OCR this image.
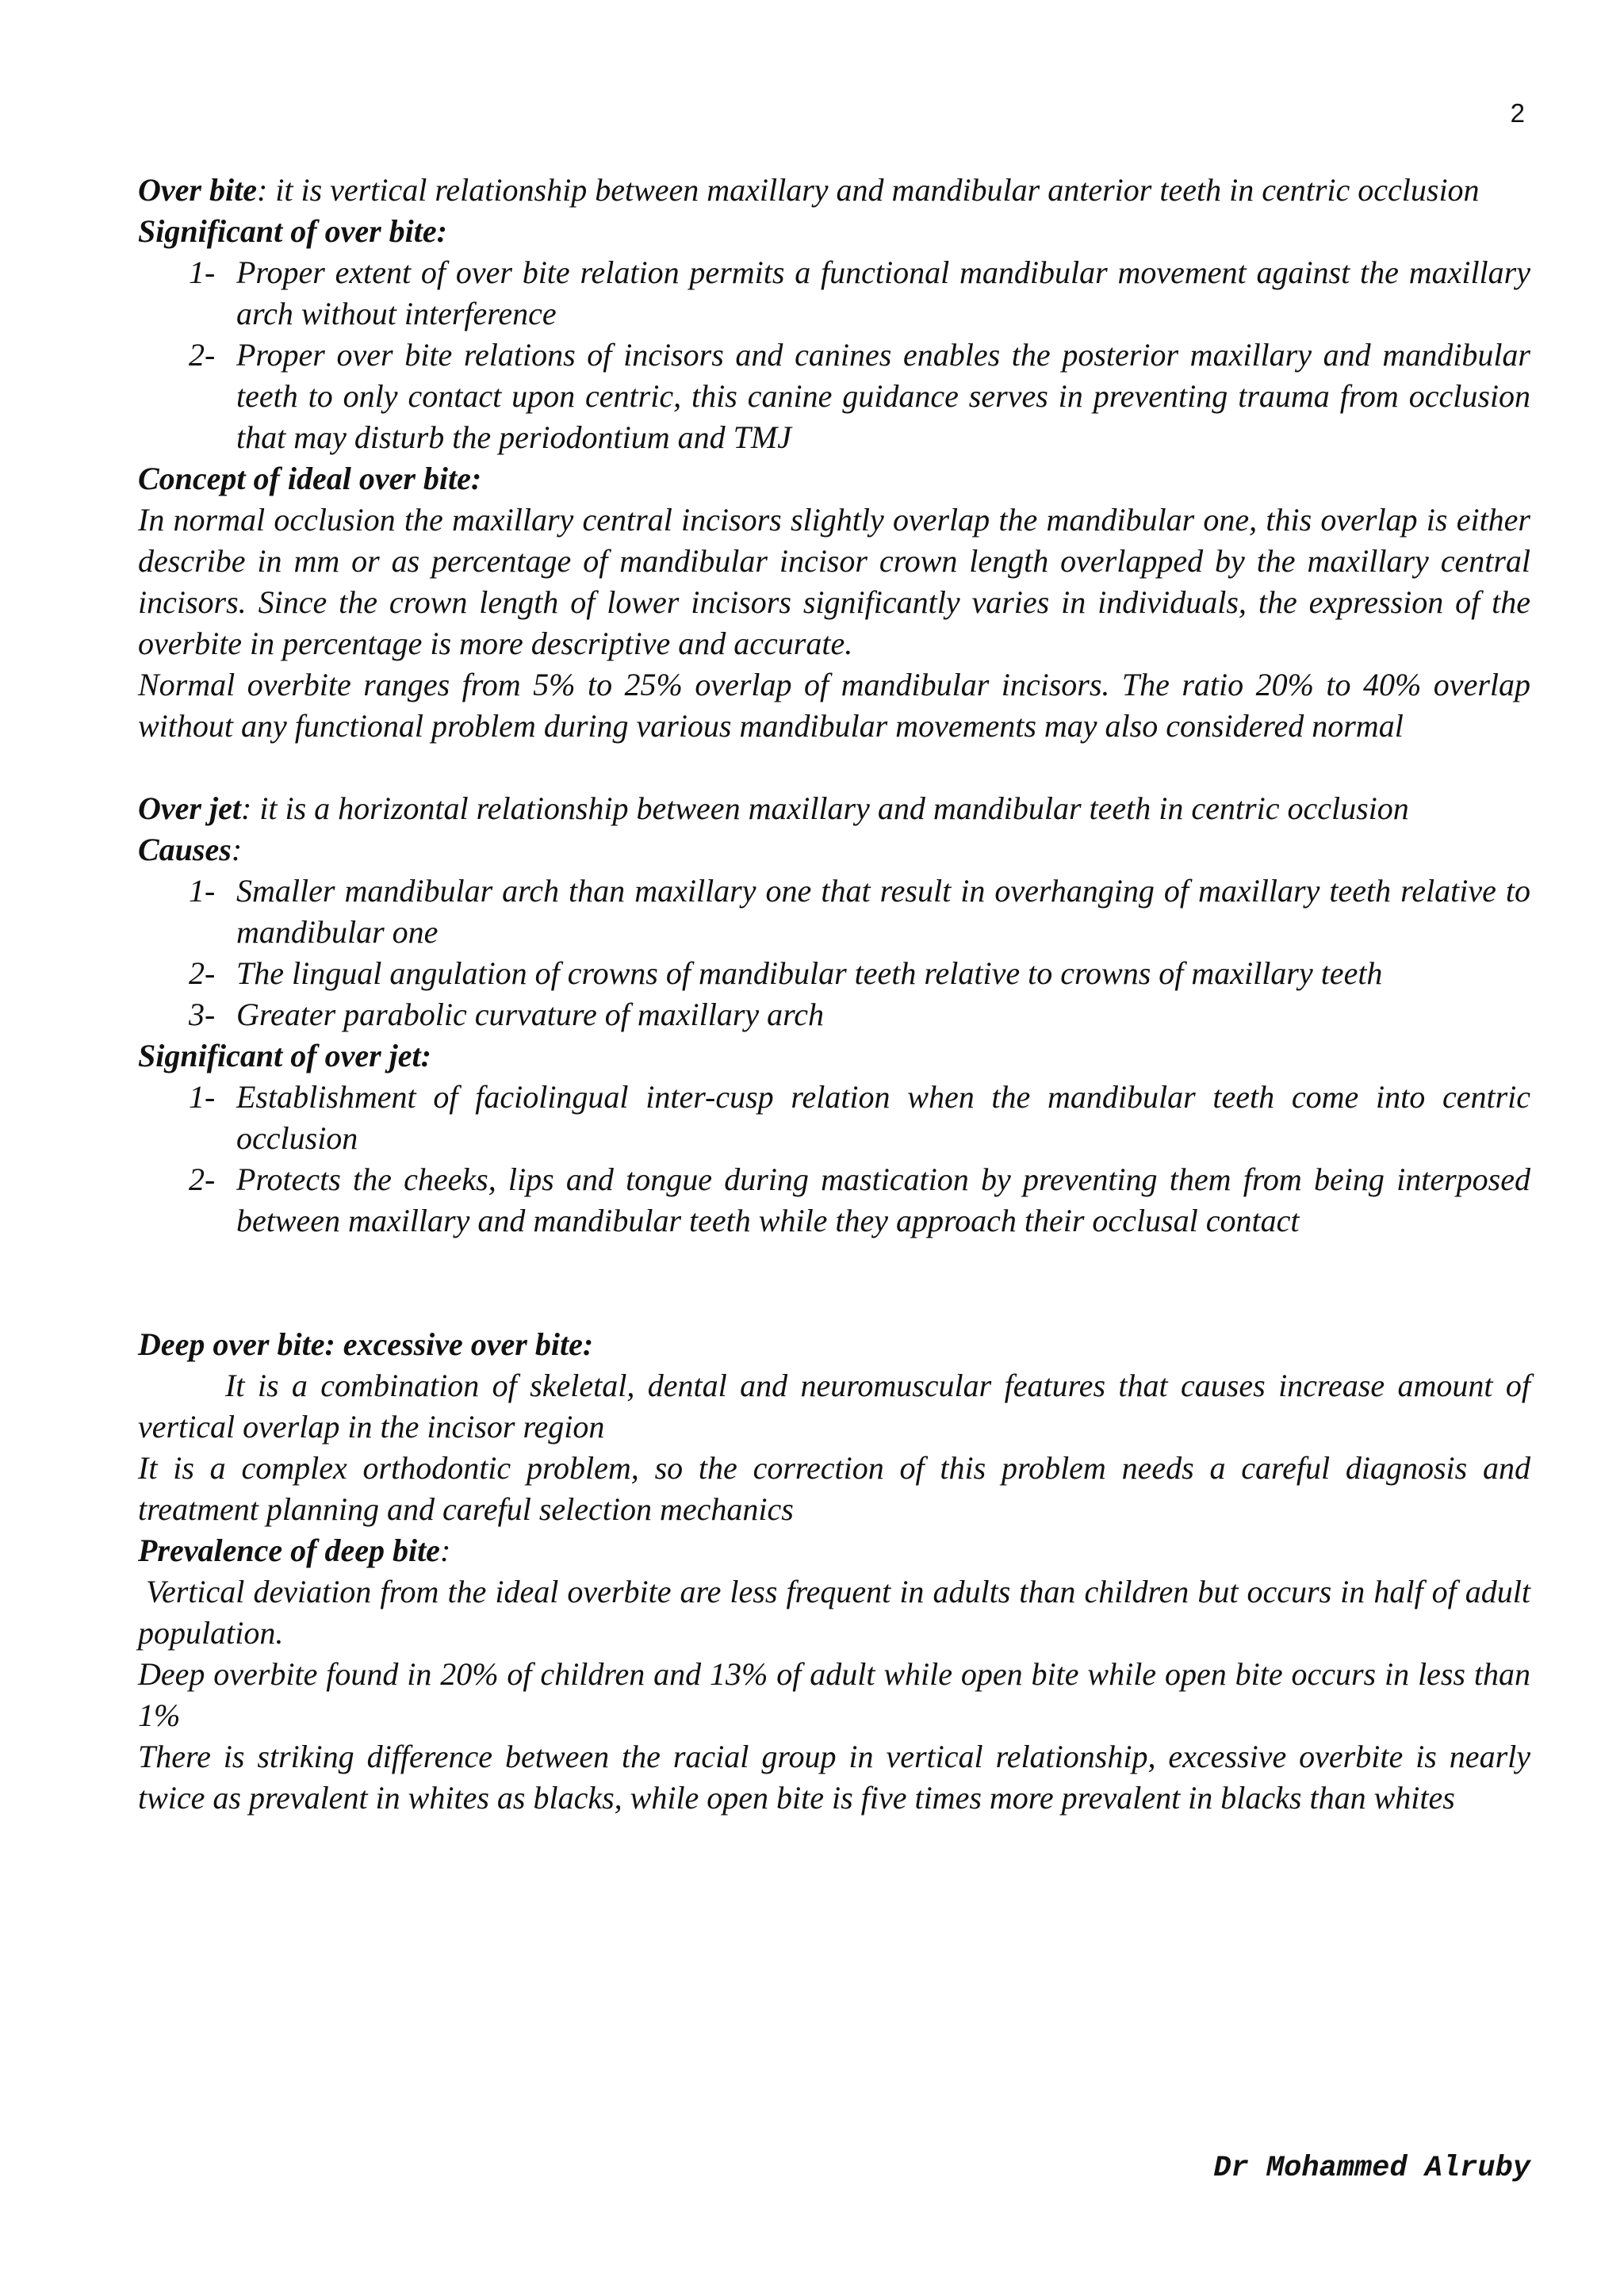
2

Over bite: it is vertical relationship between maxillary and mandibular anterior teeth in centric occlusion

Significant of over bite:

1- Proper extent of over bite relation permits a functional mandibular movement against the maxillary arch without interference
2- Proper over bite relations of incisors and canines enables the posterior maxillary and mandibular teeth to only contact upon centric, this canine guidance serves in preventing trauma from occlusion that may disturb the periodontium and TMJ

Concept of ideal over bite:

In normal occlusion the maxillary central incisors slightly overlap the mandibular one, this overlap is either describe in mm or as percentage of mandibular incisor crown length overlapped by the maxillary central incisors. Since the crown length of lower incisors significantly varies in individuals, the expression of the overbite in percentage is more descriptive and accurate.

Normal overbite ranges from 5% to 25% overlap of mandibular incisors. The ratio 20% to 40% overlap without any functional problem during various mandibular movements may also considered normal

Over jet: it is a horizontal relationship between maxillary and mandibular teeth in centric occlusion

Causes:

1- Smaller mandibular arch than maxillary one that result in overhanging of maxillary teeth relative to mandibular one
2- The lingual angulation of crowns of mandibular teeth relative to crowns of maxillary teeth
3- Greater parabolic curvature of maxillary arch

Significant of over jet:

1- Establishment of faciolingual inter-cusp relation when the mandibular teeth come into centric occlusion
2- Protects the cheeks, lips and tongue during mastication by preventing them from being interposed between maxillary and mandibular teeth while they approach their occlusal contact

Deep over bite: excessive over bite:

It is a combination of skeletal, dental and neuromuscular features that causes increase amount of vertical overlap in the incisor region

It is a complex orthodontic problem, so the correction of this problem needs a careful diagnosis and treatment planning and careful selection mechanics

Prevalence of deep bite:

Vertical deviation from the ideal overbite are less frequent in adults than children but occurs in half of adult population.

Deep overbite found in 20% of children and 13% of adult while open bite while open bite occurs in less than 1%

There is striking difference between the racial group in vertical relationship, excessive overbite is nearly twice as prevalent in whites as blacks, while open bite is five times more prevalent in blacks than whites

Dr Mohammed Alruby
